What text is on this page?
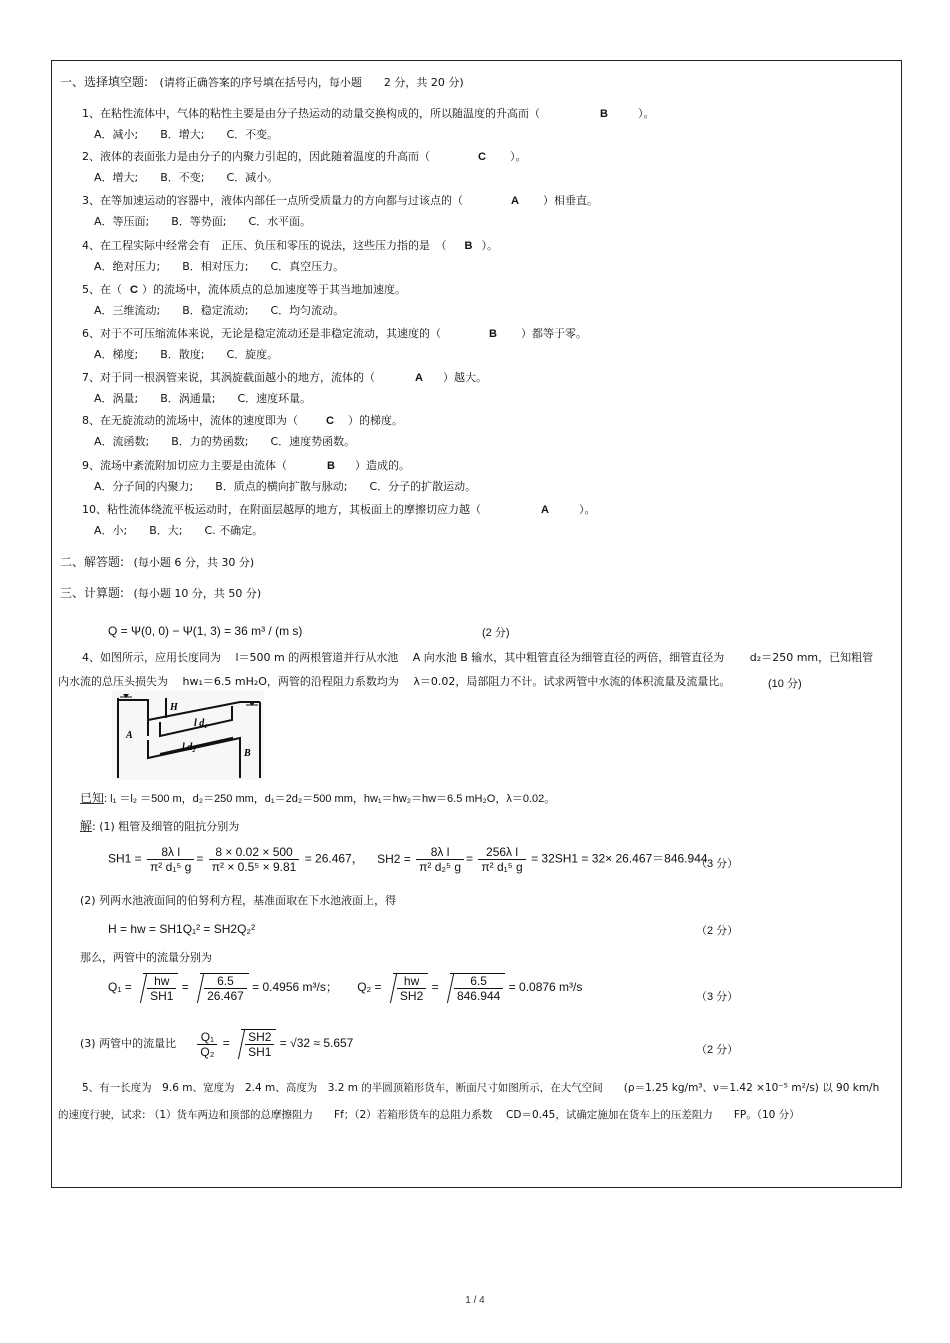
一、选择填空题: (请将正确答案的序号填在括号内，每小题　　2 分，共 20 分)
1、在粘性流体中，气体的粘性主要是由分子热运动的动量交换构成的，所以随温度的升高而（	B	）。
A．减小;　　B．增大;　　C．不变。
2、液体的表面张力是由分子的内聚力引起的，因此随着温度的升高而（	C ）。
A．增大;　　B．不变;　　C．减小。
3、在等加速运动的容器中，液体内部任一点所受质量力的方向都与过该点的（	A ）相垂直。
A．等压面;　　B．等势面;　　C．水平面。
4、在工程实际中经常会有　正压、负压和零压的说法，这些压力指的是　（ B ）。
A．绝对压力;　　B．相对压力;　　C．真空压力。
5、在（ C ）的流场中，流体质点的总加速度等于其当地加速度。
A．三维流动;　　B．稳定流动;　　C．均匀流动。
6、对于不可压缩流体来说，无论是稳定流动还是非稳定流动，其速度的（	B ）都等于零。
A．梯度;　　B．散度;　　C．旋度。
7、对于同一根涡管来说，其涡旋截面越小的地方，流体的（	A ）越大。
A．涡量;　　B．涡通量;　　C．速度环量。
8、在无旋流动的流场中，流体的速度即为（	C ）的梯度。
A．流函数;　　B．力的势函数;　　C．速度势函数。
9、流场中紊流附加切应力主要是由流体（	B ）造成的。
A．分子间的内聚力;　　B．质点的横向扩散与脉动;　　C．分子的扩散运动。
10、粘性流体绕流平板运动时，在附面层越厚的地方，其板面上的摩擦切应力越（	A	）。
A．小;　　B．大;　　C. 不确定。
二、解答题: (每小题 6 分，共 30 分)
三、计算题: (每小题 10 分，共 50 分)
Q = Ψ(0, 0) − Ψ(1, 3) = 36 m³ / (m s)	(2 分)
4、如图所示，应用长度同为　 l＝500 m 的两根管道并行从水池　 A 向水池 B 输水，其中粗管直径为细管直径的两倍，细管直径为　　 d₂＝250 mm，已知粗管
内水流的总压头损失为　 hw₁＝6.5 mH₂O，两管的沿程阻力系数均为　 λ＝0.02，局部阻力不计。试求两管中水流的体积流量及流量比。	(10 分)
H
l d₁
l d₂
A
B
已知: l₁ ＝l₂ ＝500 m，d₂＝250 mm，d₁＝2d₂＝500 mm，hw₁＝hw₂＝hw＝6.5 mH₂O，λ＝0.02。
解: (1) 粗管及细管的阻抗分别为
$SH1 = \frac{\text{8λ l}}{\text{π² d₁⁵ g}} = \frac{8 \times 0.02 \times 500}{\text{π² × 0.5⁵ × 9.81}} = 26.467$， $SH2 = \frac{\text{8λ l}}{\text{π² d₂⁵ g}} = \frac{\text{256λ l}}{\text{π² d₁⁵ g}} = 32SH1 = 32\times 26.467=846.944$
（3 分）
(2) 列两水池液面间的伯努利方程，基准面取在下水池液面上，得
H = hw = SH1Q₁² = SH2Q₂²	（2 分）
那么，两管中的流量分别为
$Q_1 = \frac{hw}{SH1} = \frac{6.5}{26.467} = 0.4956$ m³/s； $Q_2 = \frac{hw}{SH2} = \frac{6.5}{846.944} = 0.0876$ m³/s
（3 分）
(3) 两管中的流量比 $\frac{\text{Q₁}}{\text{Q₂}} = \frac{SH2}{SH1} = √32 \approx 5.657$	（2 分）
5、有一长度为　9.6 m、宽度为　2.4 m、高度为　3.2 m 的半圆顶箱形货车，断面尺寸如图所示，在大气空间　　(ρ＝1.25 kg/m³、ν＝1.42 ×10⁻⁵ m²/s) 以 90 km/h
的速度行驶，试求: （1）货车两边和顶部的总摩擦阻力　　Ff；（2）若箱形货车的总阻力系数　 CD＝0.45，试确定施加在货车上的压差阻力　　FP。（10 分）
1 / 4
